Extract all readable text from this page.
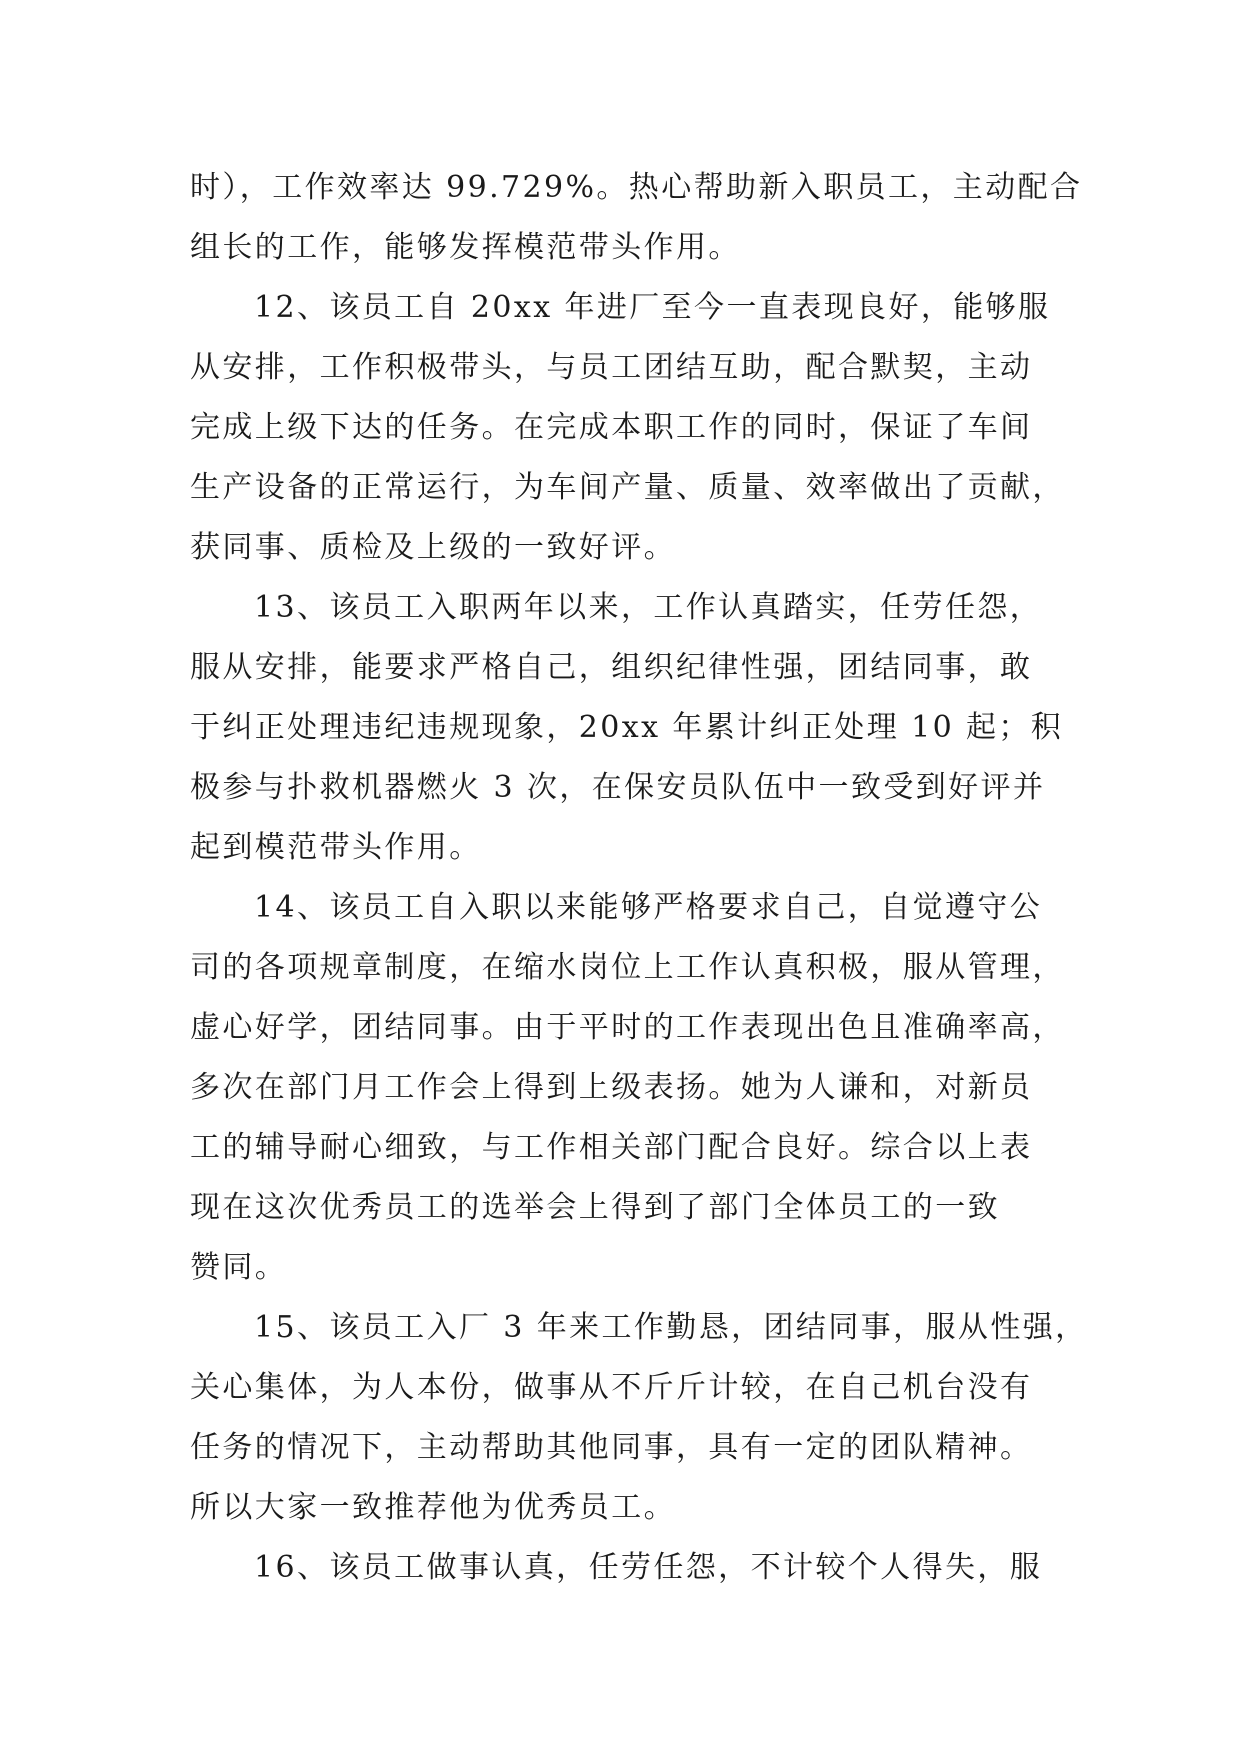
时），工作效率达 99.729%。热心帮助新入职员工，主动配合
组长的工作，能够发挥模范带头作用。
12、该员工自 20xx 年进厂至今一直表现良好，能够服
从安排，工作积极带头，与员工团结互助，配合默契，主动
完成上级下达的任务。在完成本职工作的同时，保证了车间
生产设备的正常运行，为车间产量、质量、效率做出了贡献，
获同事、质检及上级的一致好评。
13、该员工入职两年以来，工作认真踏实，任劳任怨，
服从安排，能要求严格自己，组织纪律性强，团结同事，敢
于纠正处理违纪违规现象，20xx 年累计纠正处理 10 起；积
极参与扑救机器燃火 3 次，在保安员队伍中一致受到好评并
起到模范带头作用。
14、该员工自入职以来能够严格要求自己，自觉遵守公
司的各项规章制度，在缩水岗位上工作认真积极，服从管理，
虚心好学，团结同事。由于平时的工作表现出色且准确率高，
多次在部门月工作会上得到上级表扬。她为人谦和，对新员
工的辅导耐心细致，与工作相关部门配合良好。综合以上表
现在这次优秀员工的选举会上得到了部门全体员工的一致
赞同。
15、该员工入厂 3 年来工作勤恳，团结同事，服从性强，
关心集体，为人本份，做事从不斤斤计较，在自己机台没有
任务的情况下，主动帮助其他同事，具有一定的团队精神。
所以大家一致推荐他为优秀员工。
16、该员工做事认真，任劳任怨，不计较个人得失，服
